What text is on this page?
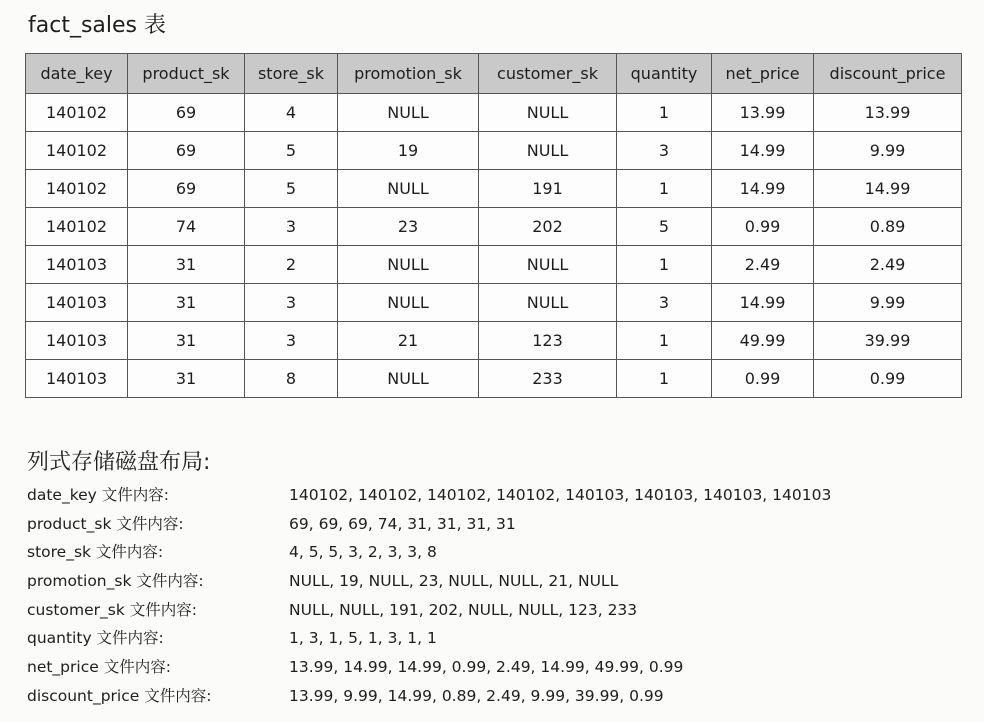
fact_sales 表
date_key	product_sk	store_sk	promotion_sk	customer_sk	quantity	net_price	discount_price
140102	69	4	NULL	NULL	1	13.99	13.99
140102	69	5	19	NULL	3	14.99	9.99
140102	69	5	NULL	191	1	14.99	14.99
140102	74	3	23	202	5	0.99	0.89
140103	31	2	NULL	NULL	1	2.49	2.49
140103	31	3	NULL	NULL	3	14.99	9.99
140103	31	3	21	123	1	49.99	39.99
140103	31	8	NULL	233	1	0.99	0.99
列式存储磁盘布局:
date_key 文件内容:	140102, 140102, 140102, 140102, 140103, 140103, 140103, 140103
product_sk 文件内容:	69, 69, 69, 74, 31, 31, 31, 31
store_sk 文件内容:	4, 5, 5, 3, 2, 3, 3, 8
promotion_sk 文件内容:	NULL, 19, NULL, 23, NULL, NULL, 21, NULL
customer_sk 文件内容:	NULL, NULL, 191, 202, NULL, NULL, 123, 233
quantity 文件内容:	1, 3, 1, 5, 1, 3, 1, 1
net_price 文件内容:	13.99, 14.99, 14.99, 0.99, 2.49, 14.99, 49.99, 0.99
discount_price 文件内容:	13.99, 9.99, 14.99, 0.89, 2.49, 9.99, 39.99, 0.99
